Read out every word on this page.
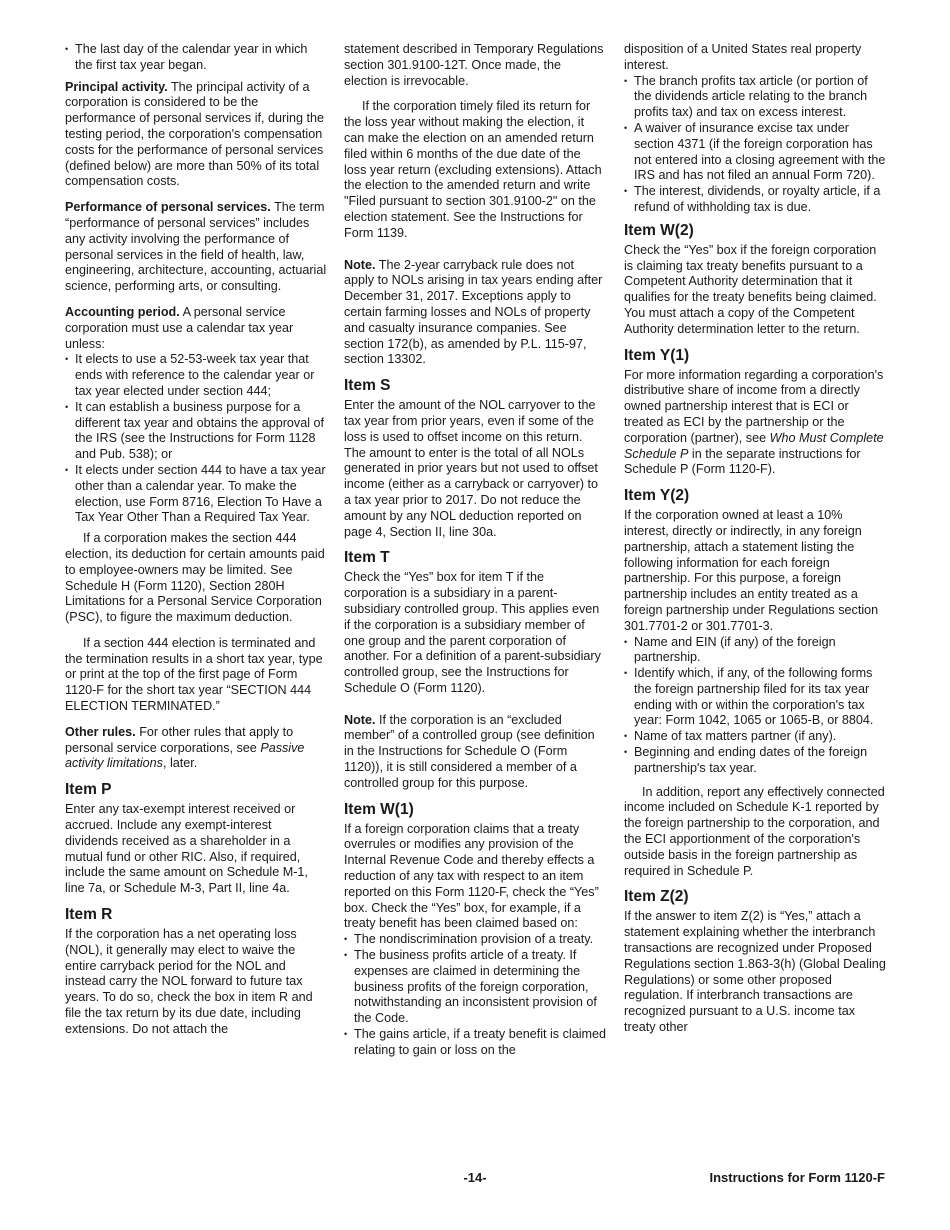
• The last day of the calendar year in which the first tax year began.

Principal activity. The principal activity of a corporation is considered to be the performance of personal services if, during the testing period, the corporation's compensation costs for the performance of personal services (defined below) are more than 50% of its total compensation costs.

Performance of personal services. The term “performance of personal services” includes any activity involving the performance of personal services in the field of health, law, engineering, architecture, accounting, actuarial science, performing arts, or consulting.

Accounting period. A personal service corporation must use a calendar tax year unless:

• It elects to use a 52-53-week tax year that ends with reference to the calendar year or tax year elected under section 444;
• It can establish a business purpose for a different tax year and obtains the approval of the IRS (see the Instructions for Form 1128 and Pub. 538); or
• It elects under section 444 to have a tax year other than a calendar year. To make the election, use Form 8716, Election To Have a Tax Year Other Than a Required Tax Year.

If a corporation makes the section 444 election, its deduction for certain amounts paid to employee-owners may be limited. See Schedule H (Form 1120), Section 280H Limitations for a Personal Service Corporation (PSC), to figure the maximum deduction.

If a section 444 election is terminated and the termination results in a short tax year, type or print at the top of the first page of Form 1120-F for the short tax year “SECTION 444 ELECTION TERMINATED.”

Other rules. For other rules that apply to personal service corporations, see Passive activity limitations, later.

Item P

Enter any tax-exempt interest received or accrued. Include any exempt-interest dividends received as a shareholder in a mutual fund or other RIC. Also, if required, include the same amount on Schedule M-1, line 7a, or Schedule M-3, Part II, line 4a.

Item R

If the corporation has a net operating loss (NOL), it generally may elect to waive the entire carryback period for the NOL and instead carry the NOL forward to future tax years. To do so, check the box in item R and file the tax return by its due date, including extensions. Do not attach the

statement described in Temporary Regulations section 301.9100-12T. Once made, the election is irrevocable.

If the corporation timely filed its return for the loss year without making the election, it can make the election on an amended return filed within 6 months of the due date of the loss year return (excluding extensions). Attach the election to the amended return and write "Filed pursuant to section 301.9100-2" on the election statement. See the Instructions for Form 1139.

Note. The 2-year carryback rule does not apply to NOLs arising in tax years ending after December 31, 2017. Exceptions apply to certain farming losses and NOLs of property and casualty insurance companies. See section 172(b), as amended by P.L. 115-97, section 13302.

Item S

Enter the amount of the NOL carryover to the tax year from prior years, even if some of the loss is used to offset income on this return. The amount to enter is the total of all NOLs generated in prior years but not used to offset income (either as a carryback or carryover) to a tax year prior to 2017. Do not reduce the amount by any NOL deduction reported on page 4, Section II, line 30a.

Item T

Check the “Yes” box for item T if the corporation is a subsidiary in a parent-subsidiary controlled group. This applies even if the corporation is a subsidiary member of one group and the parent corporation of another. For a definition of a parent-subsidiary controlled group, see the Instructions for Schedule O (Form 1120).

Note. If the corporation is an “excluded member” of a controlled group (see definition in the Instructions for Schedule O (Form 1120)), it is still considered a member of a controlled group for this purpose.

Item W(1)

If a foreign corporation claims that a treaty overrules or modifies any provision of the Internal Revenue Code and thereby effects a reduction of any tax with respect to an item reported on this Form 1120-F, check the “Yes” box. Check the “Yes” box, for example, if a treaty benefit has been claimed based on:

• The nondiscrimination provision of a treaty.
• The business profits article of a treaty. If expenses are claimed in determining the business profits of the foreign corporation, notwithstanding an inconsistent provision of the Code.
• The gains article, if a treaty benefit is claimed relating to gain or loss on the

disposition of a United States real property interest.

• The branch profits tax article (or portion of the dividends article relating to the branch profits tax) and tax on excess interest.
• A waiver of insurance excise tax under section 4371 (if the foreign corporation has not entered into a closing agreement with the IRS and has not filed an annual Form 720).
• The interest, dividends, or royalty article, if a refund of withholding tax is due.
Item W(2)

Check the “Yes” box if the foreign corporation is claiming tax treaty benefits pursuant to a Competent Authority determination that it qualifies for the treaty benefits being claimed. You must attach a copy of the Competent Authority determination letter to the return.

Item Y(1)

For more information regarding a corporation's distributive share of income from a directly owned partnership interest that is ECI or treated as ECI by the partnership or the corporation (partner), see Who Must Complete Schedule P in the separate instructions for Schedule P (Form 1120-F).

Item Y(2)

If the corporation owned at least a 10% interest, directly or indirectly, in any foreign partnership, attach a statement listing the following information for each foreign partnership. For this purpose, a foreign partnership includes an entity treated as a foreign partnership under Regulations section 301.7701-2 or 301.7701-3.

• Name and EIN (if any) of the foreign partnership.
• Identify which, if any, of the following forms the foreign partnership filed for its tax year ending with or within the corporation's tax year: Form 1042, 1065 or 1065-B, or 8804.
• Name of tax matters partner (if any).
• Beginning and ending dates of the foreign partnership's tax year.

In addition, report any effectively connected income included on Schedule K-1 reported by the foreign partnership to the corporation, and the ECI apportionment of the corporation's outside basis in the foreign partnership as required in Schedule P.

Item Z(2)

If the answer to item Z(2) is “Yes,” attach a statement explaining whether the interbranch transactions are recognized under Proposed Regulations section 1.863-3(h) (Global Dealing Regulations) or some other proposed regulation. If interbranch transactions are recognized pursuant to a U.S. income tax treaty other

-14-	Instructions for Form 1120-F
